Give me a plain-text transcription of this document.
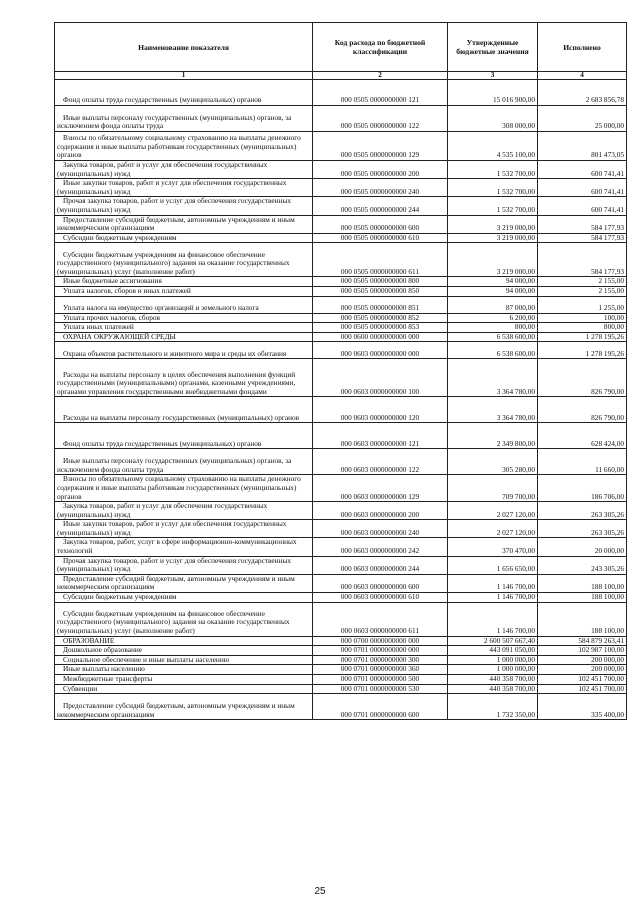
Наименование показателя	Код расхода по бюджетной классификации	Утвержденные бюджетные значения	Исполнено
1	2	3	4
Фонд оплаты труда государственных (муниципальных) органов	000 0505 0000000000 121	15 016 900,00	2 683 856,78
Иные выплаты персоналу государственных (муниципальных) органов, за исключением фонда оплаты труда	000 0505 0000000000 122	308 000,00	25 000,00
Взносы по обязательному социальному страхованию на выплаты денежного содержания и иные выплаты работникам государственных (муниципальных) органов	000 0505 0000000000 129	4 535 100,00	801 473,05
Закупка товаров, работ и услуг для обеспечения государственных (муниципальных) нужд	000 0505 0000000000 200	1 532 700,00	600 741,41
Иные закупки товаров, работ и услуг для обеспечения государственных (муниципальных) нужд	000 0505 0000000000 240	1 532 700,00	600 741,41
Прочая закупка товаров, работ и услуг для обеспечения государственных (муниципальных) нужд	000 0505 0000000000 244	1 532 700,00	600 741,41
Предоставление субсидий бюджетным, автономным учреждениям и иным некоммерческим организациям	000 0505 0000000000 600	3 219 000,00	584 177,93
Субсидии бюджетным учреждениям	000 0505 0000000000 610	3 219 000,00	584 177,93
Субсидии бюджетным учреждениям на финансовое обеспечение государственного (муниципального) задания на оказание государственных (муниципальных) услуг (выполнение работ)	000 0505 0000000000 611	3 219 000,00	584 177,93
Иные бюджетные ассигнования	000 0505 0000000000 800	94 000,00	2 155,00
Уплата налогов, сборов и иных платежей	000 0505 0000000000 850	94 000,00	2 155,00
Уплата налога на имущество организаций и земельного налога	000 0505 0000000000 851	87 000,00	1 255,00
Уплата прочих налогов, сборов	000 0505 0000000000 852	6 200,00	100,00
Уплата иных платежей	000 0505 0000000000 853	800,00	800,00
ОХРАНА ОКРУЖАЮЩЕЙ СРЕДЫ	000 0600 0000000000 000	6 538 600,00	1 278 195,26
Охрана объектов растительного и животного мира и среды их обитания	000 0603 0000000000 000	6 538 600,00	1 278 195,26
Расходы на выплаты персоналу в целях обеспечения выполнения функций государственными (муниципальными) органами, казенными учреждениями, органами управления государственными внебюджетными фондами	000 0603 0000000000 100	3 364 780,00	826 790,00
Расходы на выплаты персоналу государственных (муниципальных) органов	000 0603 0000000000 120	3 364 780,00	826 790,00
Фонд оплаты труда государственных (муниципальных) органов	000 0603 0000000000 121	2 349 800,00	628 424,00
Иные выплаты персоналу государственных (муниципальных) органов, за исключением фонда оплаты труда	000 0603 0000000000 122	305 280,00	11 660,00
Взносы по обязательному социальному страхованию на выплаты денежного содержания и иные выплаты работникам государственных (муниципальных) органов	000 0603 0000000000 129	709 700,00	186 706,00
Закупка товаров, работ и услуг для обеспечения государственных (муниципальных) нужд	000 0603 0000000000 200	2 027 120,00	263 305,26
Иные закупки товаров, работ и услуг для обеспечения государственных (муниципальных) нужд	000 0603 0000000000 240	2 027 120,00	263 305,26
Закупка товаров, работ, услуг в сфере информационно-коммуникационных технологий	000 0603 0000000000 242	370 470,00	20 000,00
Прочая закупка товаров, работ и услуг для обеспечения государственных (муниципальных) нужд	000 0603 0000000000 244	1 656 650,00	243 305,26
Предоставление субсидий бюджетным, автономным учреждениям и иным некоммерческим организациям	000 0603 0000000000 600	1 146 700,00	188 100,00
Субсидии бюджетным учреждениям	000 0603 0000000000 610	1 146 700,00	188 100,00
Субсидии бюджетным учреждениям на финансовое обеспечение государственного (муниципального) задания на оказание государственных (муниципальных) услуг (выполнение работ)	000 0603 0000000000 611	1 146 700,00	188 100,00
ОБРАЗОВАНИЕ	000 0700 0000000000 000	2 600 507 667,40	584 879 263,41
Дошкольное образование	000 0701 0000000000 000	443 091 050,00	102 987 100,00
Социальное обеспечение и иные выплаты населению	000 0701 0000000000 300	1 000 000,00	200 000,00
Иные выплаты населению	000 0701 0000000000 360	1 000 000,00	200 000,00
Межбюджетные трансферты	000 0701 0000000000 500	440 358 700,00	102 451 700,00
Субвенции	000 0701 0000000000 530	440 358 700,00	102 451 700,00
Предоставление субсидий бюджетным, автономным учреждениям и иным некоммерческим организациям	000 0701 0000000000 600	1 732 350,00	335 400,00
25
